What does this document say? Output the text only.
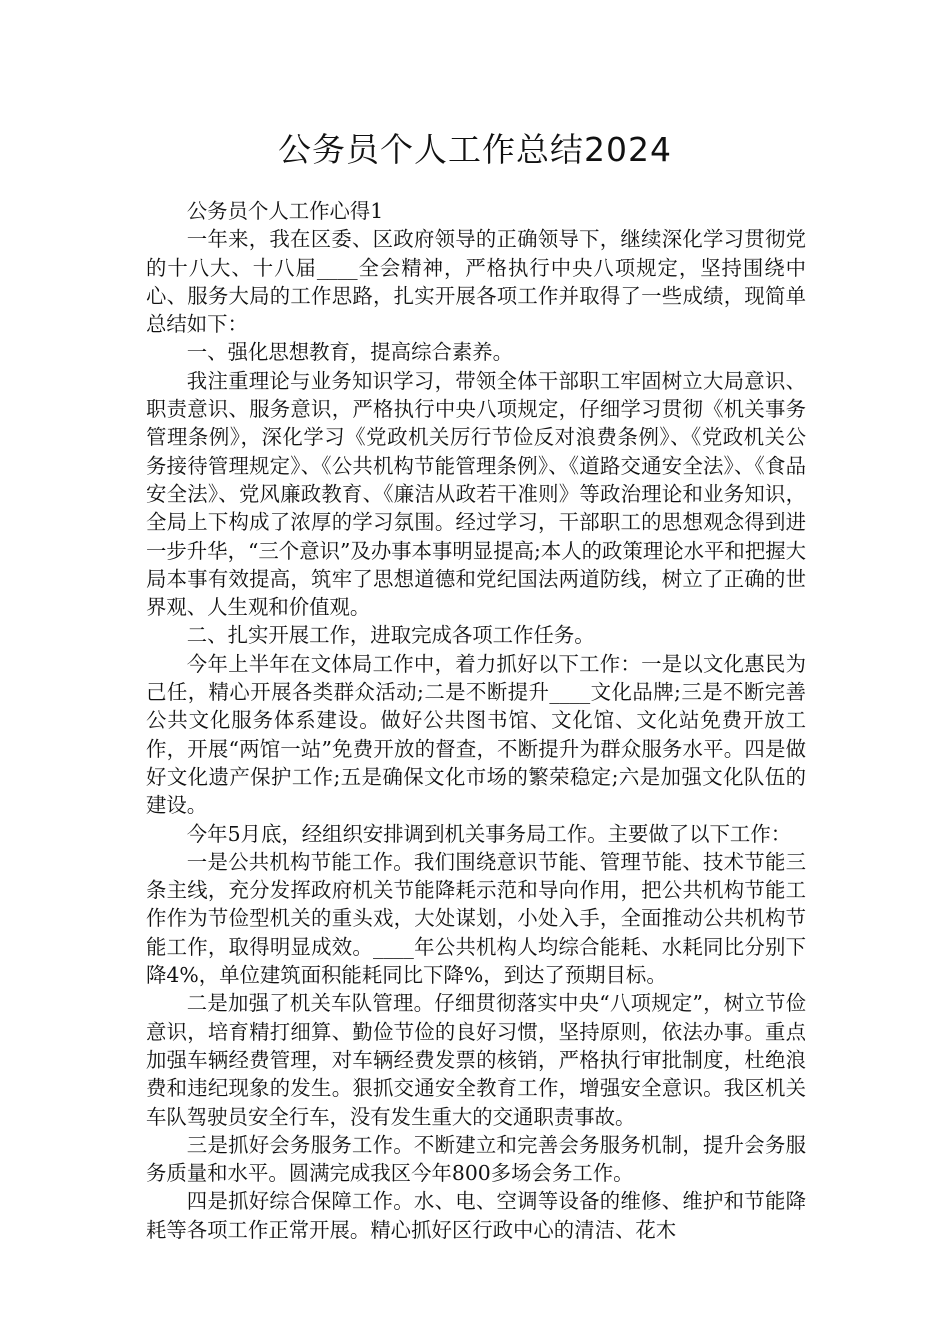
公务员个人工作总结2024

公务员个人工作心得1

一年来，我在区委、区政府领导的正确领导下，继续深化学习贯彻党的十八大、十八届____全会精神，严格执行中央八项规定，坚持围绕中心、服务大局的工作思路，扎实开展各项工作并取得了一些成绩，现简单总结如下：

一、强化思想教育，提高综合素养。

我注重理论与业务知识学习，带领全体干部职工牢固树立大局意识、职责意识、服务意识，严格执行中央八项规定，仔细学习贯彻《机关事务管理条例》，深化学习《党政机关厉行节俭反对浪费条例》、《党政机关公务接待管理规定》、《公共机构节能管理条例》、《道路交通安全法》、《食品安全法》、党风廉政教育、《廉洁从政若干准则》等政治理论和业务知识，全局上下构成了浓厚的学习氛围。经过学习，干部职工的思想观念得到进一步升华，“三个意识”及办事本事明显提高;本人的政策理论水平和把握大局本事有效提高，筑牢了思想道德和党纪国法两道防线，树立了正确的世界观、人生观和价值观。

二、扎实开展工作，进取完成各项工作任务。

今年上半年在文体局工作中，着力抓好以下工作：一是以文化惠民为己任，精心开展各类群众活动;二是不断提升____文化品牌;三是不断完善公共文化服务体系建设。做好公共图书馆、文化馆、文化站免费开放工作，开展“两馆一站”免费开放的督查，不断提升为群众服务水平。四是做好文化遗产保护工作;五是确保文化市场的繁荣稳定;六是加强文化队伍的建设。

今年5月底，经组织安排调到机关事务局工作。主要做了以下工作：

一是公共机构节能工作。我们围绕意识节能、管理节能、技术节能三条主线，充分发挥政府机关节能降耗示范和导向作用，把公共机构节能工作作为节俭型机关的重头戏，大处谋划，小处入手，全面推动公共机构节能工作，取得明显成效。____年公共机构人均综合能耗、水耗同比分别下降4%，单位建筑面积能耗同比下降%，到达了预期目标。

二是加强了机关车队管理。仔细贯彻落实中央“八项规定”，树立节俭意识，培育精打细算、勤俭节俭的良好习惯，坚持原则，依法办事。重点加强车辆经费管理，对车辆经费发票的核销，严格执行审批制度，杜绝浪费和违纪现象的发生。狠抓交通安全教育工作，增强安全意识。我区机关车队驾驶员安全行车，没有发生重大的交通职责事故。

三是抓好会务服务工作。不断建立和完善会务服务机制，提升会务服务质量和水平。圆满完成我区今年800多场会务工作。

四是抓好综合保障工作。水、电、空调等设备的维修、维护和节能降耗等各项工作正常开展。精心抓好区行政中心的清洁、花木
